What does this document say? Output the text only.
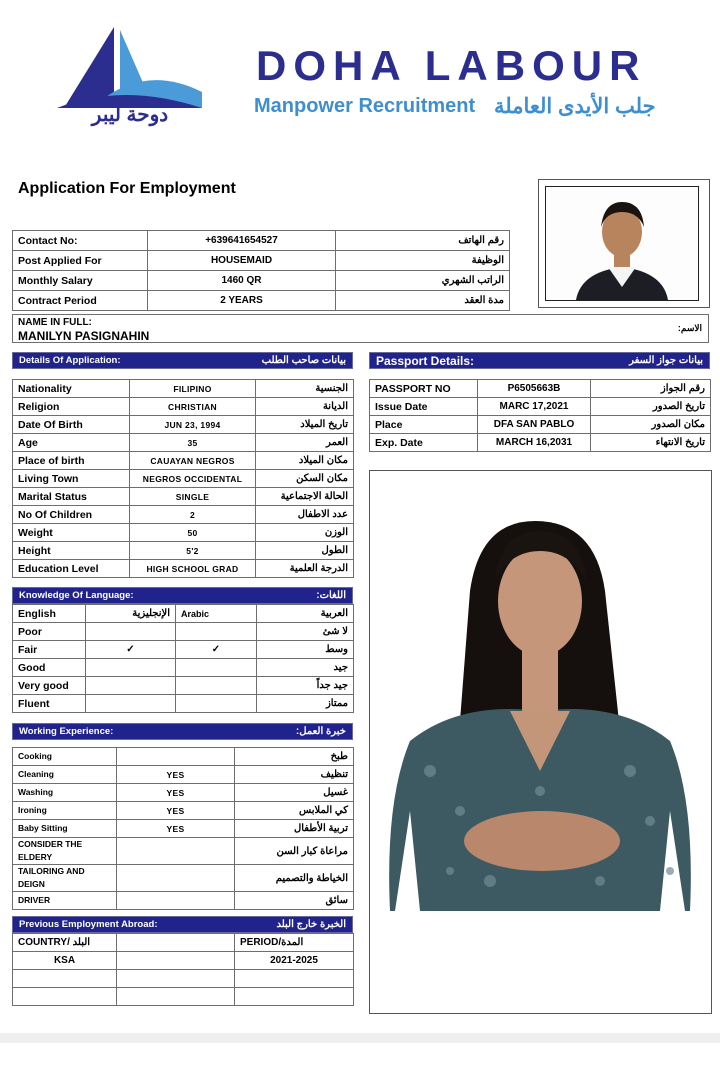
دوحة ليبر
DOHA LABOUR
Manpower Recruitment جلب الأيدى العاملة
Application For Employment
Contact No:	+639641654527	رقم الهاتف
Post Applied For	HOUSEMAID	الوظيفة
Monthly Salary	1460 QR	الراتب الشهري
Contract Period	2 YEARS	مدة العقد
NAME IN FULL:
MANILYN PASIGNAHIN
الاسم:
Details Of Application:	بيانات صاحب الطلب
Nationality	FILIPINO	الجنسية
Religion	CHRISTIAN	الديانة
Date Of Birth	JUN 23, 1994	تاريخ الميلاد
Age	35	العمر
Place of birth	CAUAYAN NEGROS	مكان الميلاد
Living Town	NEGROS OCCIDENTAL	مكان السكن
Marital Status	SINGLE	الحالة الاجتماعية
No Of Children	2	عدد الاطفال
Weight	50	الوزن
Height	5'2	الطول
Education Level	HIGH SCHOOL GRAD	الدرجة العلمية
Passport Details:	بيانات جواز السفر
PASSPORT NO	P6505663B	رقم الجواز
Issue Date	MARC 17,2021	تاريخ الصدور
Place	DFA SAN PABLO	مكان الصدور
Exp. Date	MARCH 16,2031	تاريخ الانتهاء
Knowledge Of Language:	اللغات:
English	الإنجليزية	Arabic	العربية
Poor			لا شئ
Fair	✓	✓	وسط
Good			جيد
Very good			جيد جداً
Fluent			ممتاز
Working Experience:	خبرة العمل:
Cooking		طبخ
Cleaning	YES	تنظيف
Washing	YES	غسيل
Ironing	YES	كي الملابس
Baby Sitting	YES	تربية الأطفال
CONSIDER THE ELDERY		مراعاة كبار السن
TAILORING AND DEIGN		الخياطة والتصميم
DRIVER		سائق
Previous Employment Abroad:	الخبرة خارج البلد
COUNTRY/ البلد		PERIOD/المدة
KSA		2021-2025
